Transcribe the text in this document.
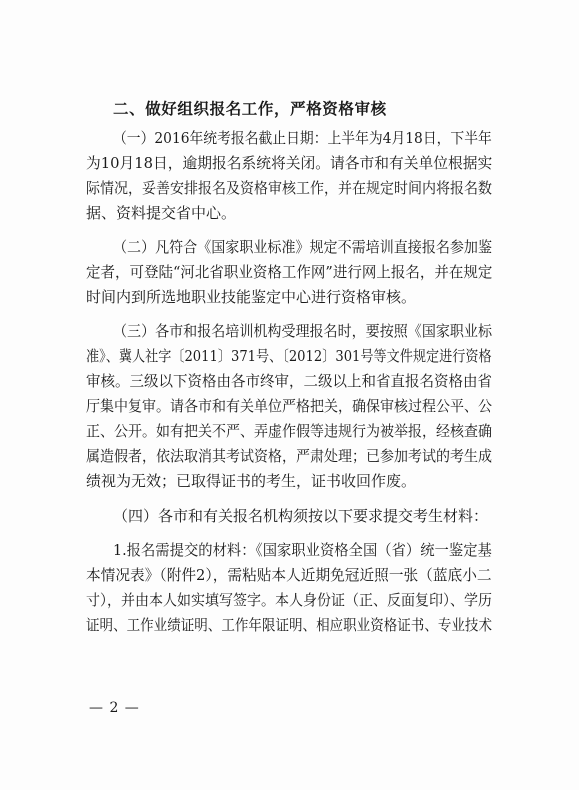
二、做好组织报名工作，严格资格审核
（一）2016年统考报名截止日期：上半年为4月18日，下半年
为10月18日，逾期报名系统将关闭。请各市和有关单位根据实
际情况，妥善安排报名及资格审核工作，并在规定时间内将报名数
据、资料提交省中心。
（二）凡符合《国家职业标准》规定不需培训直接报名参加鉴
定者，可登陆“河北省职业资格工作网”进行网上报名，并在规定
时间内到所选地职业技能鉴定中心进行资格审核。
（三）各市和报名培训机构受理报名时，要按照《国家职业标
准》、冀人社字〔2011〕371号、〔2012〕301号等文件规定进行资格
审核。三级以下资格由各市终审，二级以上和省直报名资格由省
厅集中复审。请各市和有关单位严格把关，确保审核过程公平、公
正、公开。如有把关不严、弄虚作假等违规行为被举报，经核查确
属造假者，依法取消其考试资格，严肃处理；已参加考试的考生成
绩视为无效；已取得证书的考生，证书收回作废。
（四）各市和有关报名机构须按以下要求提交考生材料：
1.报名需提交的材料：《国家职业资格全国（省）统一鉴定基
本情况表》（附件2），需粘贴本人近期免冠近照一张（蓝底小二
寸），并由本人如实填写签字。本人身份证（正、反面复印）、学历
证明、工作业绩证明、工作年限证明、相应职业资格证书、专业技术
— 2 —
